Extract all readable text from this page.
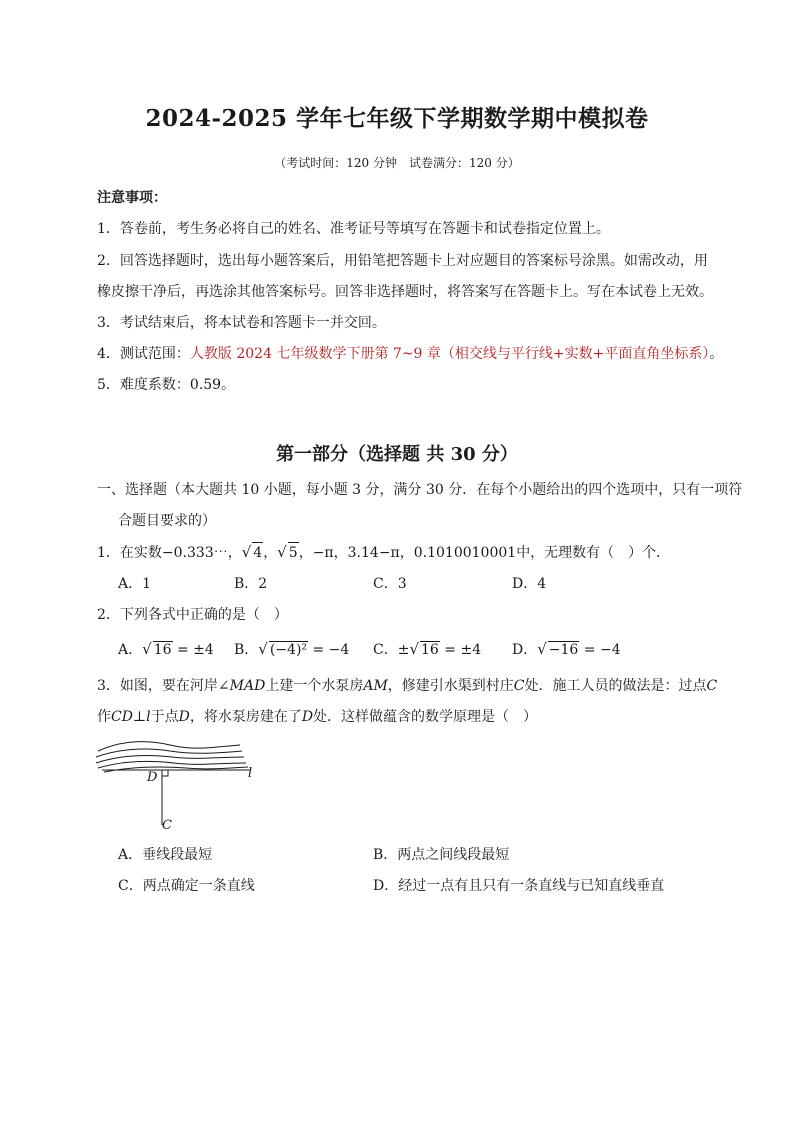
2024-2025 学年七年级下学期数学期中模拟卷
（考试时间：120 分钟　试卷满分：120 分）
注意事项：
1．答卷前，考生务必将自己的姓名、准考证号等填写在答题卡和试卷指定位置上。
2．回答选择题时，选出每小题答案后，用铅笔把答题卡上对应题目的答案标号涂黑。如需改动，用
橡皮擦干净后，再选涂其他答案标号。回答非选择题时，将答案写在答题卡上。写在本试卷上无效。
3．考试结束后，将本试卷和答题卡一并交回。
4．测试范围：人教版 2024 七年级数学下册第 7~9 章（相交线与平行线+实数+平面直角坐标系）。
5．难度系数：0.59。
第一部分（选择题 共 30 分）
一、选择题（本大题共 10 小题，每小题 3 分，满分 30 分．在每个小题给出的四个选项中，只有一项符
合题目要求的）
1．在实数−0.333⋯，√ 4，√ 5，−π，3.14−π，0.1010010001中，无理数有（　）个．
A．1	B．2	C．3	D．4
2．下列各式中正确的是（　）
A．√ 16 = ±4 B．√ (−4)² = −4 C．±√ 16 = ±4 D．√ −16 = −4
3．如图，要在河岸∠MAD上建一个水泵房AM，修建引水渠到村庄C处．施工人员的做法是：过点C
作CD⊥l于点D，将水泵房建在了D处．这样做蕴含的数学原理是（　）
D	l
C
A．垂线段最短	B．两点之间线段最短
C．两点确定一条直线	D．经过一点有且只有一条直线与已知直线垂直
